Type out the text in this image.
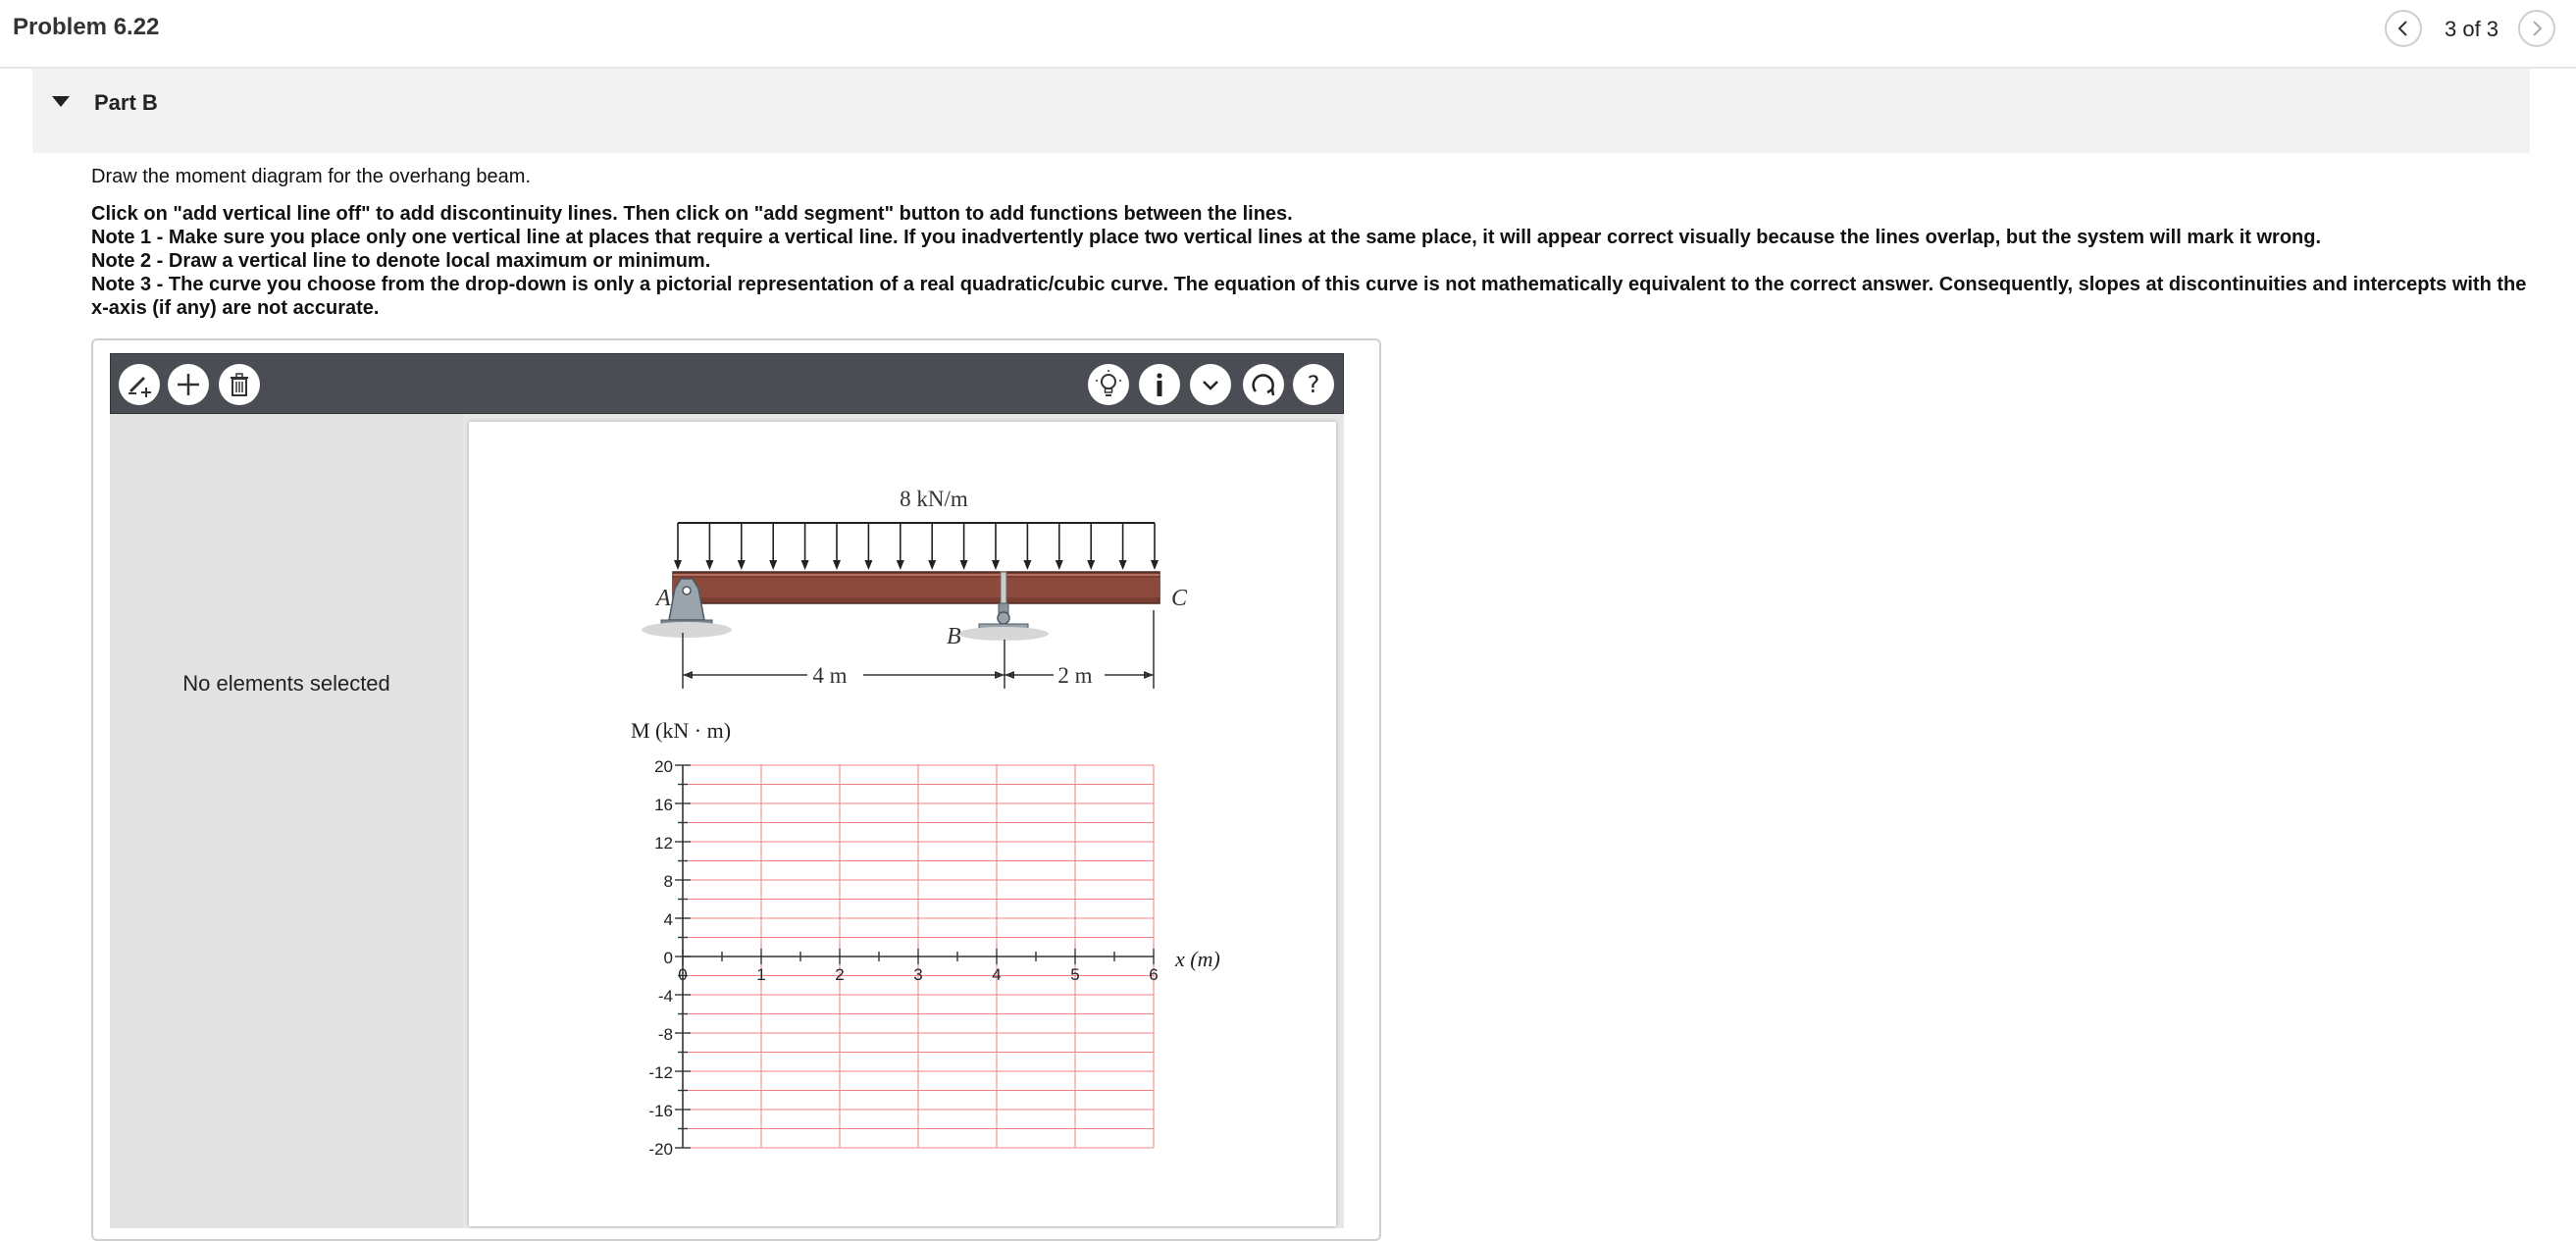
Problem 6.22	3 of 3
Part B

Draw the moment diagram for the overhang beam.

Click on "add vertical line off" to add discontinuity lines. Then click on "add segment" button to add functions between the lines.

Note 1 - Make sure you place only one vertical line at places that require a vertical line. If you inadvertently place two vertical lines at the same place, it will appear correct visually because the lines overlap, but the system will mark it wrong.

Note 2 - Draw a vertical line to denote local maximum or minimum.

Note 3 - The curve you choose from the drop-down is only a pictorial representation of a real quadratic/cubic curve. The equation of this curve is not mathematically equivalent to the correct answer. Consequently, slopes at discontinuities and intercepts with the x-axis (if any) are not accurate.

?
No elements selected
8 kN/m
A
B
C
4 m	2 m
M (kN · m)
x (m)
20
16
12
8
4
0
-4
-8
-12
-16
-20
0	1	2	3	4	5	6
